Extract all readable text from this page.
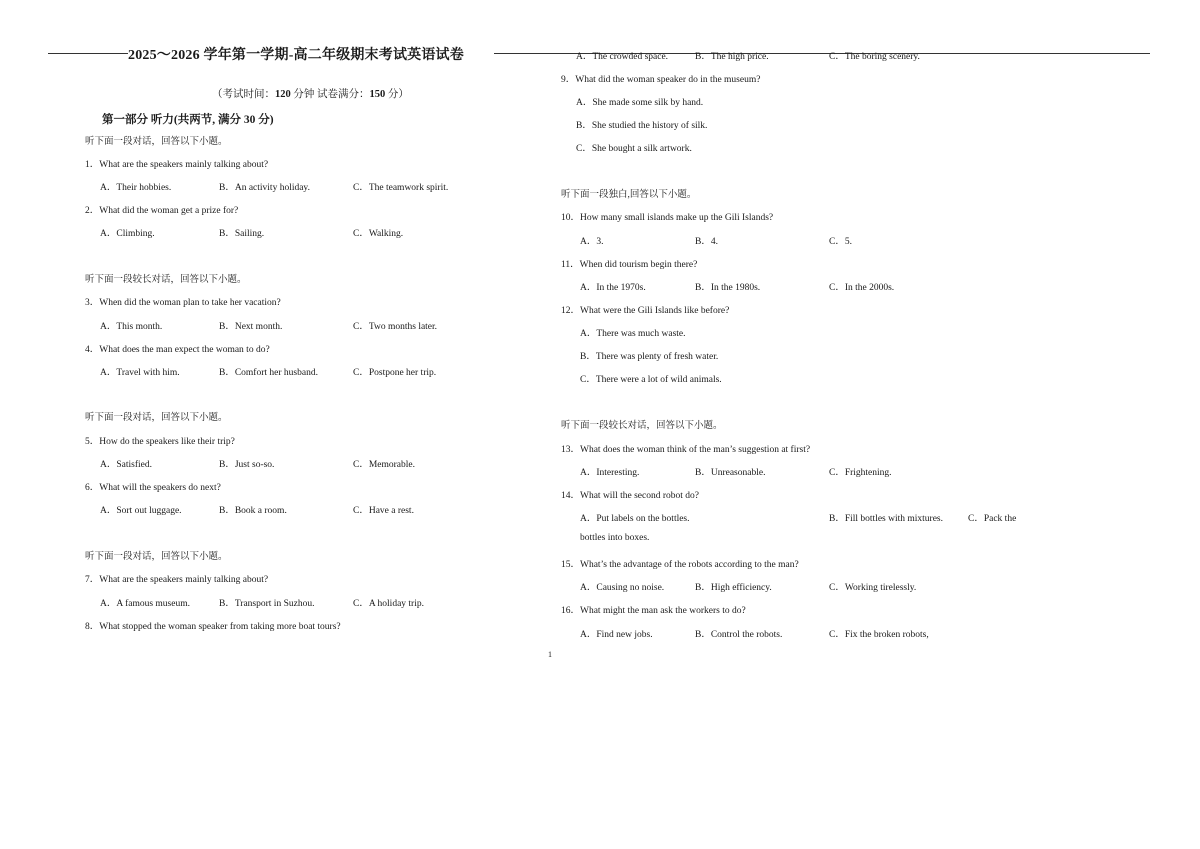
2025～2026 学年第一学期-高二年级期末考试英语试卷
（考试时间：120 分钟 试卷满分：150 分）
第一部分 听力(共两节, 满分 30 分)
听下面一段对话，回答以下小题。
1．What are the speakers mainly talking about?
A．Their hobbies.	B．An activity holiday.	C．The teamwork spirit.
2．What did the woman get a prize for?
A．Climbing.	B．Sailing.	C．Walking.
听下面一段较长对话，回答以下小题。
3．When did the woman plan to take her vacation?
A．This month.	B．Next month.	C．Two months later.
4．What does the man expect the woman to do?
A．Travel with him.	B．Comfort her husband.	C．Postpone her trip.
听下面一段对话，回答以下小题。
5．How do the speakers like their trip?
A．Satisfied.	B．Just so-so.	C．Memorable.
6．What will the speakers do next?
A．Sort out luggage.	B．Book a room.	C．Have a rest.
听下面一段对话，回答以下小题。
7．What are the speakers mainly talking about?
A．A famous museum.	B．Transport in Suzhou.	C．A holiday trip.
8．What stopped the woman speaker from taking more boat tours?
A．The crowded space.	B．The high price.	C．The boring scenery.
9．What did the woman speaker do in the museum?
A．She made some silk by hand.
B．She studied the history of silk.
C．She bought a silk artwork.
听下面一段独白,回答以下小题。
10．How many small islands make up the Gili Islands?
A．3.	B．4.	C．5.
11．When did tourism begin there?
A．In the 1970s.	B．In the 1980s.	C．In the 2000s.
12．What were the Gili Islands like before?
A．There was much waste.
B．There was plenty of fresh water.
C．There were a lot of wild animals.
听下面一段较长对话，回答以下小题。
13．What does the woman think of the man’s suggestion at first?
A．Interesting.	B．Unreasonable.	C．Frightening.
14．What will the second robot do?
A．Put labels on the bottles.	B．Fill bottles with mixtures.	C．Pack the
bottles into boxes.
15．What’s the advantage of the robots according to the man?
A．Causing no noise.	B．High efficiency.	C．Working tirelessly.
16．What might the man ask the workers to do?
A．Find new jobs.	B．Control the robots.	C．Fix the broken robots,
1
